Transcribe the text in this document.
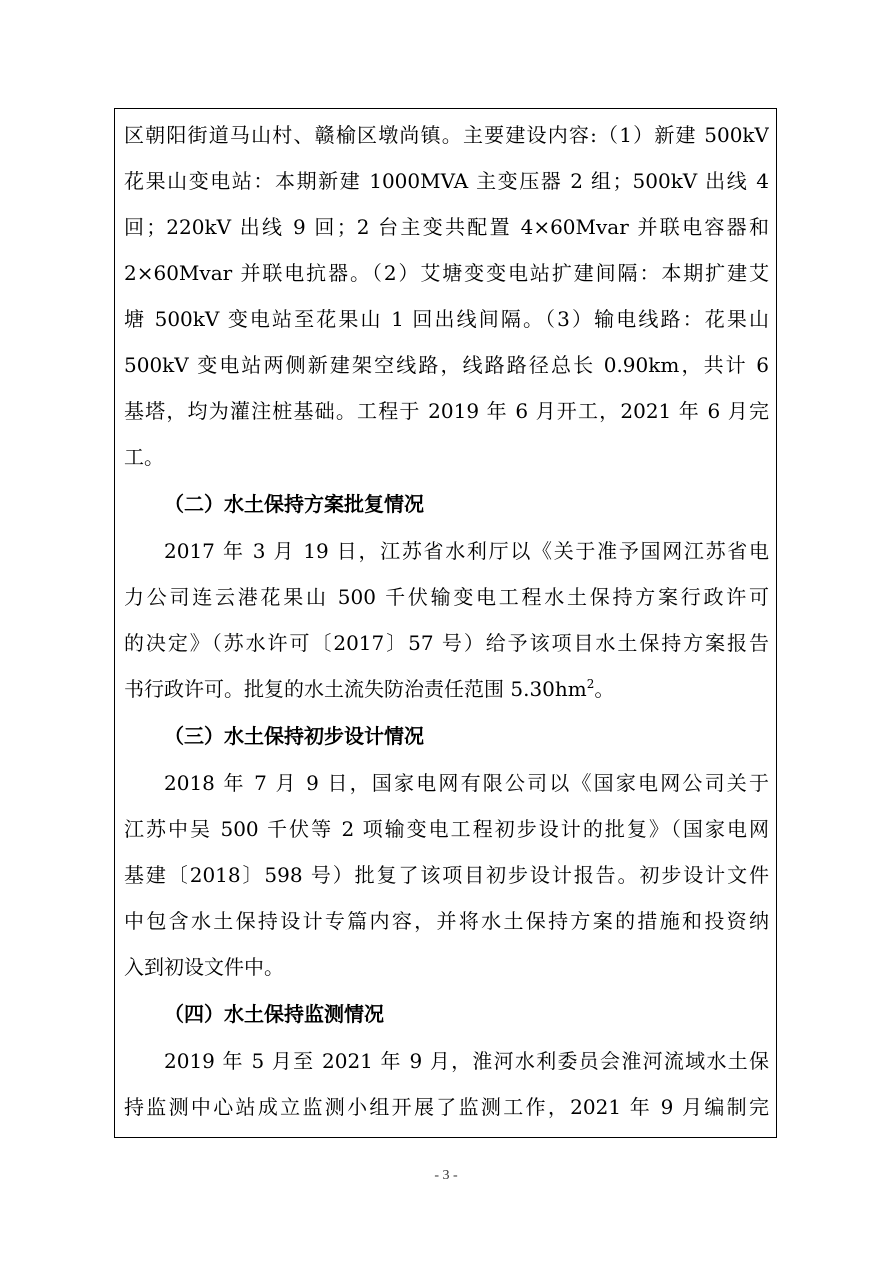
区朝阳街道马山村、赣榆区墩尚镇。主要建设内容:（1）新建 500kV
花果山变电站：本期新建 1000MVA 主变压器 2 组；500kV 出线 4
回；220kV 出线 9 回；2 台主变共配置 4×60Mvar 并联电容器和
2×60Mvar 并联电抗器。（2）艾塘变变电站扩建间隔：本期扩建艾
塘 500kV 变电站至花果山 1 回出线间隔。（3）输电线路：花果山
500kV 变电站两侧新建架空线路，线路路径总长 0.90km，共计 6
基塔，均为灌注桩基础。工程于 2019 年 6 月开工，2021 年 6 月完
工。
（二）水土保持方案批复情况
2017 年 3 月 19 日，江苏省水利厅以《关于准予国网江苏省电
力公司连云港花果山 500 千伏输变电工程水土保持方案行政许可
的决定》（苏水许可〔2017〕57 号）给予该项目水土保持方案报告
书行政许可。批复的水土流失防治责任范围 $5.30hm^2$。
（三）水土保持初步设计情况
2018 年 7 月 9 日，国家电网有限公司以《国家电网公司关于
江苏中吴 500 千伏等 2 项输变电工程初步设计的批复》（国家电网
基建〔2018〕598 号）批复了该项目初步设计报告。初步设计文件
中包含水土保持设计专篇内容，并将水土保持方案的措施和投资纳
入到初设文件中。
（四）水土保持监测情况
2019 年 5 月至 2021 年 9 月，淮河水利委员会淮河流域水土保
持监测中心站成立监测小组开展了监测工作，2021 年 9 月编制完
- 3 -
